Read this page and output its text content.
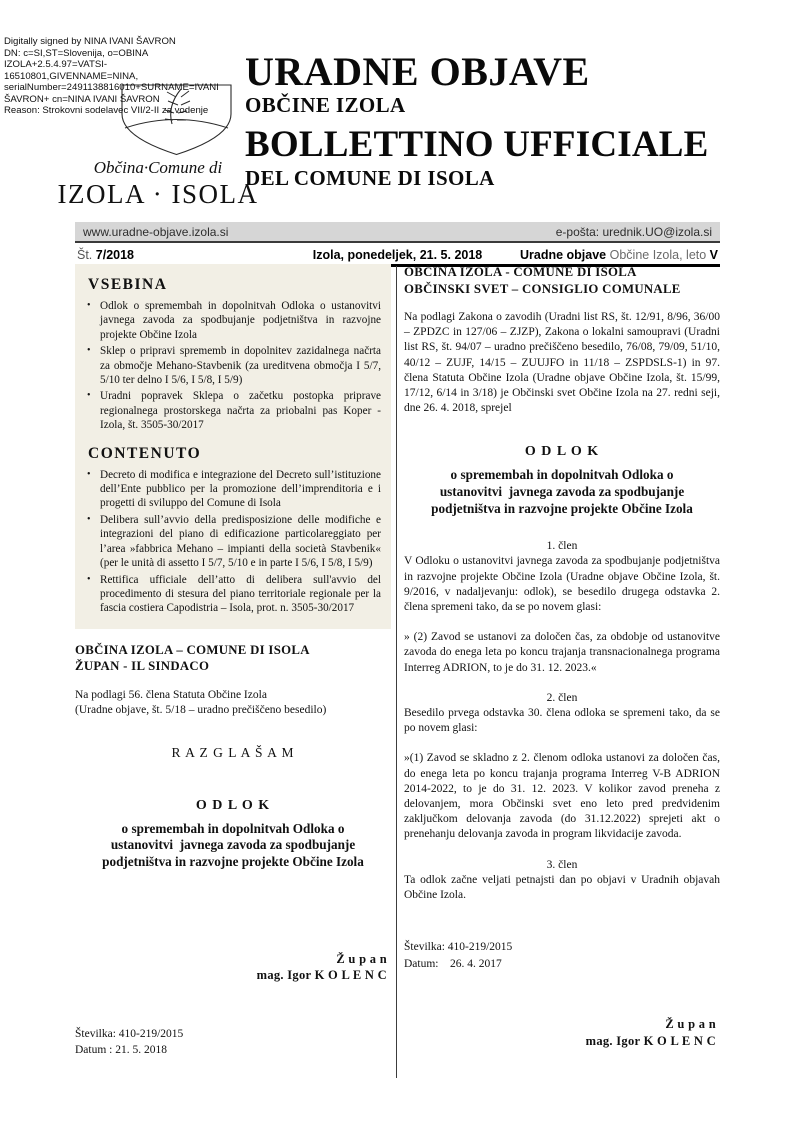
Digitally signed by NINA IVANI ŠAVRON
DN: c=SI,ST=Slovenija, o=OBINA
IZOLA+2.5.4.97=VATSI-
16510801,GIVENNAME=NINA,
serialNumber=2491138816010+SURNAME=IVANI
ŠAVRON+ cn=NINA IVANI ŠAVRON
Reason: Strokovni sodelavec VII/2-II za vodenje
Občina·Comune di
IZOLA · ISOLA
URADNE OBJAVE
OBČINE IZOLA
BOLLETTINO UFFICIALE
DEL COMUNE DI ISOLA
www.uradne-objave.izola.si	e-pošta: urednik.UO@izola.si
Št. 7/2018	Izola, ponedeljek, 21. 5. 2018	Uradne objave Občine Izola, leto V
VSEBINA
• Odlok o spremembah in dopolnitvah Odloka o ustanovitvi javnega zavoda za spodbujanje podjetništva in razvojne projekte Občine Izola
• Sklep o pripravi sprememb in dopolnitev zazidalnega načrta za območje Mehano-Stavbenik (za ureditvena območja I 5/7, 5/10 ter delno I 5/6, I 5/8, I 5/9)
• Uradni popravek Sklepa o začetku postopka priprave regionalnega prostorskega načrta za priobalni pas Koper - Izola, št. 3505-30/2017
CONTENUTO
• Decreto di modifica e integrazione del Decreto sull’istituzione dell’Ente pubblico per la promozione dell’imprenditoria e i progetti di sviluppo del Comune di Isola
• Delibera sull’avvio della predisposizione delle modifiche e integrazioni del piano di edificazione particolareggiato per l’area »fabbrica Mehano – impianti della società Stavbenik« (per le unità di assetto I 5/7, 5/10 e in parte I 5/6, I 5/8, I 5/9)
• Rettifica ufficiale dell’atto di delibera sull'avvio del procedimento di stesura del piano territoriale regionale per la fascia costiera Capodistria – Isola, prot. n. 3505-30/2017
OBČINA IZOLA – COMUNE DI ISOLA
ŽUPAN - IL SINDACO
Na podlagi 56. člena Statuta Občine Izola
(Uradne objave, št. 5/18 – uradno prečiščeno besedilo)
R A Z G L A Š A M
O D L O K
o spremembah in dopolnitvah Odloka o
ustanovitvi  javnega zavoda za spodbujanje
podjetništva in razvojne projekte Občine Izola
Ž u p a n
mag. Igor K O L E N C
Številka: 410-219/2015
Datum : 21. 5. 2018
OBČINA IZOLA - COMUNE DI ISOLA
OBČINSKI SVET – CONSIGLIO COMUNALE
Na podlagi Zakona o zavodih (Uradni list RS, št. 12/91, 8/96, 36/00 – ZPDZC in 127/06 – ZJZP), Zakona o lokalni samoupravi (Uradni list RS, št. 94/07 – uradno prečiščeno besedilo, 76/08, 79/09, 51/10, 40/12 – ZUJF, 14/15 – ZUUJFO in 11/18 – ZSPDSLS-1) in 97. člena Statuta Občine Izola (Uradne objave Občine Izola, št. 15/99, 17/12, 6/14 in 3/18) je Občinski svet Občine Izola na 27. redni seji, dne 26. 4. 2018, sprejel
O D L O K
o spremembah in dopolnitvah Odloka o
ustanovitvi  javnega zavoda za spodbujanje
podjetništva in razvojne projekte Občine Izola
1. člen
V Odloku o ustanovitvi javnega zavoda za spodbujanje podjetništva in razvojne projekte Občine Izola (Uradne objave Občine Izola, št. 9/2016, v nadaljevanju: odlok), se besedilo drugega odstavka 2. člena spremeni tako, da se po novem glasi:
» (2) Zavod se ustanovi za določen čas, za obdobje od ustanovitve zavoda do enega leta po koncu trajanja transnacionalnega programa Interreg ADRION, to je do 31. 12. 2023.«
2. člen
Besedilo prvega odstavka 30. člena odloka se spremeni tako, da se po novem glasi:
»(1) Zavod se skladno z 2. členom odloka ustanovi za določen čas, do enega leta po koncu trajanja programa Interreg V-B ADRION 2014-2022, to je do 31. 12. 2023. V kolikor zavod preneha z delovanjem, mora Občinski svet eno leto pred predvidenim zaključkom delovanja zavoda (do 31.12.2022) sprejeti akt o prenehanju delovanja zavoda in program likvidacije zavoda.
3. člen
Ta odlok začne veljati petnajsti dan po objavi v Uradnih objavah Občine Izola.
Številka: 410-219/2015
Datum:    26. 4. 2017
Ž u p a n
mag. Igor K O L E N C
